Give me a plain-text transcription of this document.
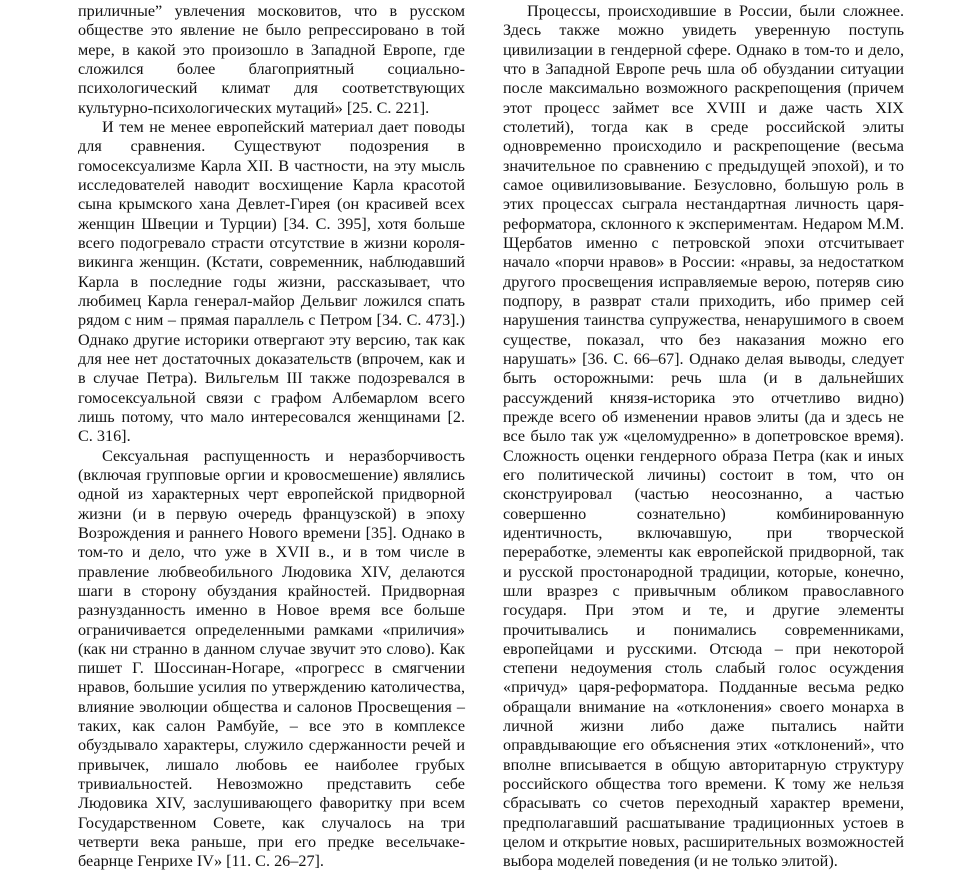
приличные” увлечения московитов, что в русском обществе это явление не было репрессировано в той мере, в какой это произошло в Западной Европе, где сложился более благоприятный социально-психологический климат для соответствующих культурно-психологических мутаций» [25. С. 221].

И тем не менее европейский материал дает поводы для сравнения. Существуют подозрения в гомосексуализме Карла XII. В частности, на эту мысль исследователей наводит восхищение Карла красотой сына крымского хана Девлет-Гирея (он красивей всех женщин Швеции и Турции) [34. С. 395], хотя больше всего подогревало страсти отсутствие в жизни короля-викинга женщин. (Кстати, современник, наблюдавший Карла в последние годы жизни, рассказывает, что любимец Карла генерал-майор Дельвиг ложился спать рядом с ним – прямая параллель с Петром [34. С. 473].) Однако другие историки отвергают эту версию, так как для нее нет достаточных доказательств (впрочем, как и в случае Петра). Вильгельм III также подозревался в гомосексуальной связи с графом Албемарлом всего лишь потому, что мало интересовался женщинами [2. С. 316].

Сексуальная распущенность и неразборчивость (включая групповые оргии и кровосмешение) являлись одной из характерных черт европейской придворной жизни (и в первую очередь французской) в эпоху Возрождения и раннего Нового времени [35]. Однако в том-то и дело, что уже в XVII в., и в том числе в правление любвеобильного Людовика XIV, делаются шаги в сторону обуздания крайностей. Придворная разнузданность именно в Новое время все больше ограничивается определенными рамками «приличия» (как ни странно в данном случае звучит это слово). Как пишет Г. Шоссинан-Ногаре, «прогресс в смягчении нравов, большие усилия по утверждению католичества, влияние эволюции общества и салонов Просвещения – таких, как салон Рамбуйе, – все это в комплексе обуздывало характеры, служило сдержанности речей и привычек, лишало любовь ее наиболее грубых тривиальностей. Невозможно представить себе Людовика XIV, заслушивающего фаворитку при всем Государственном Совете, как случалось на три четверти века раньше, при его предке весельчаке-беарнце Генрихе IV» [11. С. 26–27].

Процессы, происходившие в России, были сложнее. Здесь также можно увидеть уверенную поступь цивилизации в гендерной сфере. Однако в том-то и дело, что в Западной Европе речь шла об обуздании ситуации после максимально возможного раскрепощения (причем этот процесс займет все XVIII и даже часть XIX столетий), тогда как в среде российской элиты одновременно происходило и раскрепощение (весьма значительное по сравнению с предыдущей эпохой), и то самое оцивилизовывание. Безусловно, большую роль в этих процессах сыграла нестандартная личность царя-реформатора, склонного к экспериментам. Недаром М.М. Щербатов именно с петровской эпохи отсчитывает начало «порчи нравов» в России: «нравы, за недостатком другого просвещения исправляемые верою, потеряв сию подпору, в разврат стали приходить, ибо пример сей нарушения таинства супружества, ненарушимого в своем существе, показал, что без наказания можно его нарушать» [36. С. 66–67]. Однако делая выводы, следует быть осторожными: речь шла (и в дальнейших рассуждений князя-историка это отчетливо видно) прежде всего об изменении нравов элиты (да и здесь не все было так уж «целомудренно» в допетровское время). Сложность оценки гендерного образа Петра (как и иных его политической личины) состоит в том, что он сконструировал (частью неосознанно, а частью совершенно сознательно) комбинированную идентичность, включавшую, при творческой переработке, элементы как европейской придворной, так и русской простонародной традиции, которые, конечно, шли вразрез с привычным обликом православного государя. При этом и те, и другие элементы прочитывались и понимались современниками, европейцами и русскими. Отсюда – при некоторой степени недоумения столь слабый голос осуждения «причуд» царя-реформатора. Подданные весьма редко обращали внимание на «отклонения» своего монарха в личной жизни либо даже пытались найти оправдывающие его объяснения этих «отклонений», что вполне вписывается в общую авторитарную структуру российского общества того времени. К тому же нельзя сбрасывать со счетов переходный характер времени, предполагавший расшатывание традиционных устоев в целом и открытие новых, расширительных возможностей выбора моделей поведения (и не только элитой).
